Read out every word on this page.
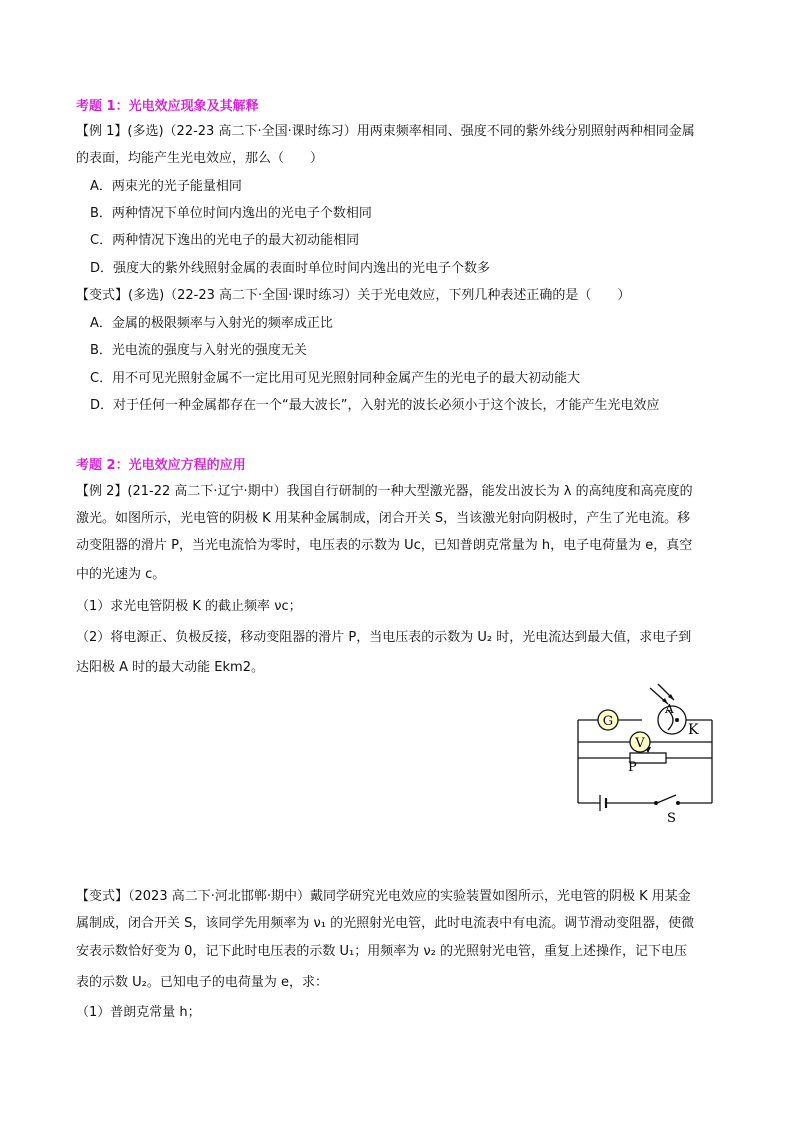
考题 1：光电效应现象及其解释
【例 1】(多选)（22-23 高二下·全国·课时练习）用两束频率相同、强度不同的紫外线分别照射两种相同金属
的表面，均能产生光电效应，那么（　　）
A．两束光的光子能量相同
B．两种情况下单位时间内逸出的光电子个数相同
C．两种情况下逸出的光电子的最大初动能相同
D．强度大的紫外线照射金属的表面时单位时间内逸出的光电子个数多
【变式】(多选)（22-23 高二下·全国·课时练习）关于光电效应，下列几种表述正确的是（　　）
A．金属的极限频率与入射光的频率成正比
B．光电流的强度与入射光的强度无关
C．用不可见光照射金属不一定比用可见光照射同种金属产生的光电子的最大初动能大
D．对于任何一种金属都存在一个“最大波长”，入射光的波长必须小于这个波长，才能产生光电效应
考题 2：光电效应方程的应用
【例 2】(21-22 高二下·辽宁·期中）我国自行研制的一种大型激光器，能发出波长为 λ 的高纯度和高亮度的
激光。如图所示，光电管的阴极 K 用某种金属制成，闭合开关 S，当该激光射向阴极时，产生了光电流。移
动变阻器的滑片 P，当光电流恰为零时，电压表的示数为 Uc，已知普朗克常量为 h，电子电荷量为 e，真空
中的光速为 c。
（1）求光电管阴极 K 的截止频率 νc；
（2）将电源正、负极反接，移动变阻器的滑片 P，当电压表的示数为 U₂ 时，光电流达到最大值，求电子到
达阳极 A 时的最大动能 Ekm2。
G
V
A
K
P
S
【变式】（2023 高二下·河北邯郸·期中）戴同学研究光电效应的实验装置如图所示，光电管的阴极 K 用某金
属制成，闭合开关 S，该同学先用频率为 ν₁ 的光照射光电管，此时电流表中有电流。调节滑动变阻器，使微
安表示数恰好变为 0，记下此时电压表的示数 U₁；用频率为 ν₂ 的光照射光电管，重复上述操作，记下电压
表的示数 U₂。已知电子的电荷量为 e，求：
（1）普朗克常量 h；
